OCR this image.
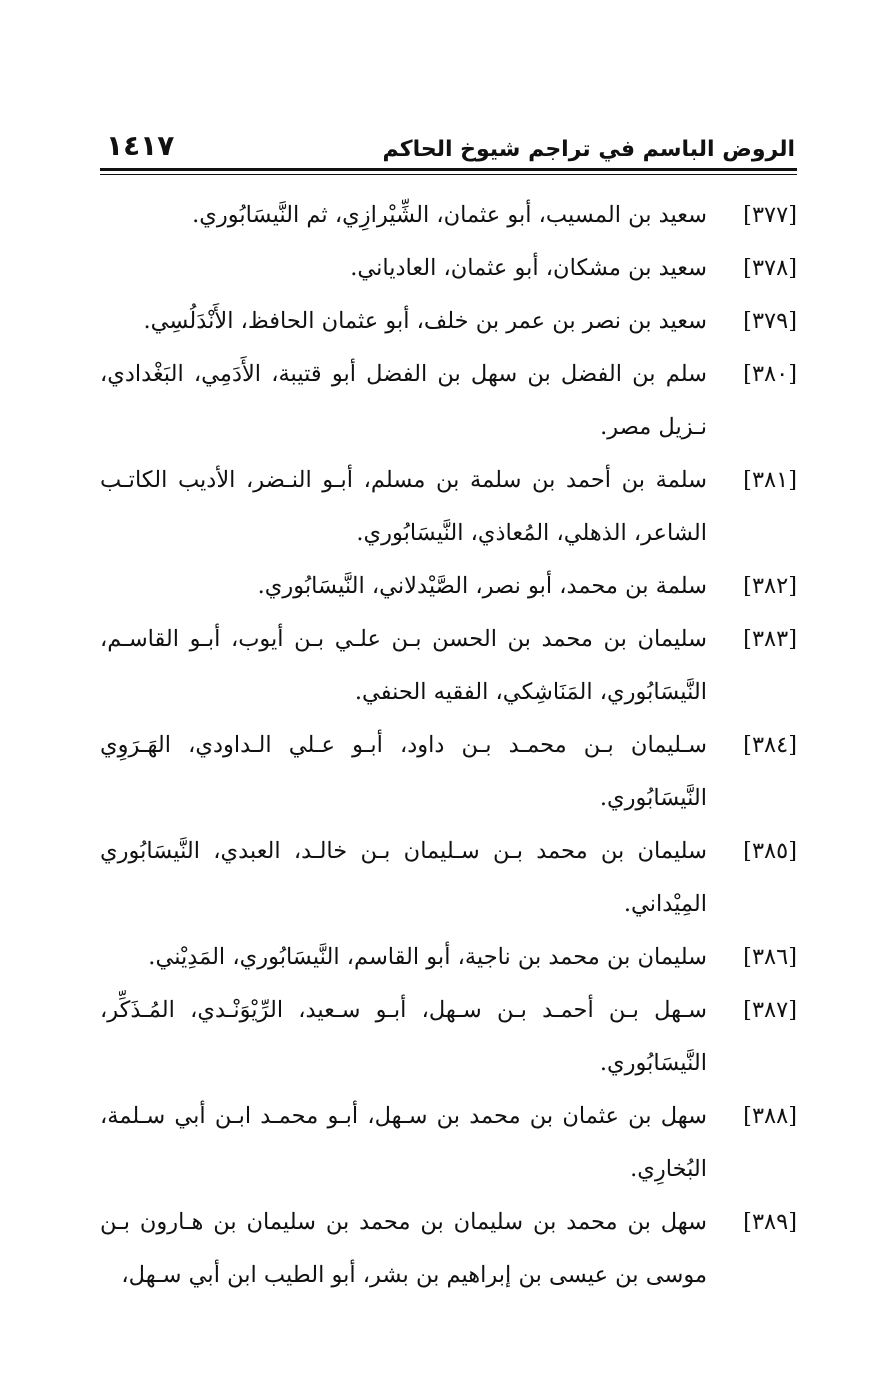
الروض الباسم في تراجم شيوخ الحاكم
١٤١٧
[٣٧٧]سعيد بن المسيب، أبو عثمان، الشِّيْرازِي، ثم النَّيسَابُوري.
[٣٧٨]سعيد بن مشكان، أبو عثمان، العادياني.
[٣٧٩]سعيد بن نصر بن عمر بن خلف، أبو عثمان الحافظ، الأَنْدَلُسِي.
[٣٨٠]سلم بن الفضل بن سهل بن الفضل أبو قتيبة، الأَدَمِي، البَغْدادي، نـزيل مصر.
[٣٨١]سلمة بن أحمد بن سلمة بن مسلم، أبـو النـضر، الأديب الكاتـب الشاعر، الذهلي، المُعاذي، النَّيسَابُوري.
[٣٨٢]سلمة بن محمد، أبو نصر، الصَّيْدلاني، النَّيسَابُوري.
[٣٨٣]سليمان بن محمد بن الحسن بـن علـي بـن أيوب، أبـو القاسـم، النَّيسَابُوري، المَنَاشِكي، الفقيه الحنفي.
[٣٨٤]سـليمان بـن محمـد بـن داود، أبـو عـلي الـداودي، الهَـرَوِي النَّيسَابُوري.
[٣٨٥]سليمان بن محمد بـن سـليمان بـن خالـد، العبدي، النَّيسَابُوري المِيْداني.
[٣٨٦]سليمان بن محمد بن ناجية، أبو القاسم، النَّيسَابُوري، المَدِيْني.
[٣٨٧]سـهل بـن أحمـد بـن سـهل، أبـو سـعيد، الرِّيْوَنْـدي، المُـذَكِّر، النَّيسَابُوري.
[٣٨٨]سهل بن عثمان بن محمد بن سـهل، أبـو محمـد ابـن أبي سـلمة، البُخارِي.
[٣٨٩]سهل بن محمد بن سليمان بن محمد بن سليمان بن هـارون بـن موسى بن عيسى بن إبراهيم بن بشر، أبو الطيب ابن أبي سـهل،
